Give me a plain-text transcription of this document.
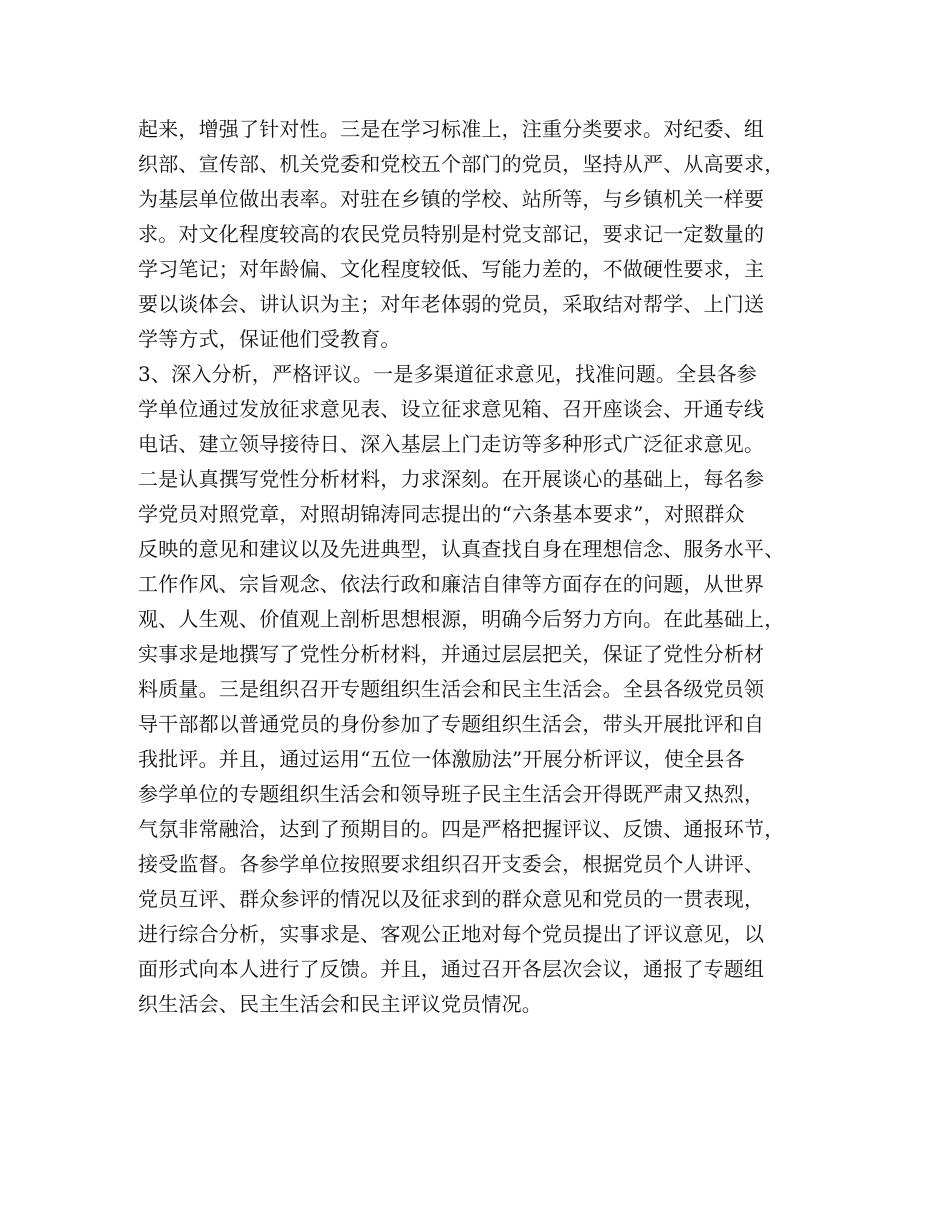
起来，增强了针对性。三是在学习标准上，注重分类要求。对纪委、组
织部、宣传部、机关党委和党校五个部门的党员，坚持从严、从高要求，
为基层单位做出表率。对驻在乡镇的学校、站所等，与乡镇机关一样要
求。对文化程度较高的农民党员特别是村党支部记，要求记一定数量的
学习笔记；对年龄偏、文化程度较低、写能力差的，不做硬性要求，主
要以谈体会、讲认识为主；对年老体弱的党员，采取结对帮学、上门送
学等方式，保证他们受教育。
3、深入分析，严格评议。一是多渠道征求意见，找准问题。全县各参
学单位通过发放征求意见表、设立征求意见箱、召开座谈会、开通专线
电话、建立领导接待日、深入基层上门走访等多种形式广泛征求意见。
二是认真撰写党性分析材料，力求深刻。在开展谈心的基础上，每名参
学党员对照党章，对照胡锦涛同志提出的“六条基本要求”，对照群众
反映的意见和建议以及先进典型，认真查找自身在理想信念、服务水平、
工作作风、宗旨观念、依法行政和廉洁自律等方面存在的问题，从世界
观、人生观、价值观上剖析思想根源，明确今后努力方向。在此基础上，
实事求是地撰写了党性分析材料，并通过层层把关，保证了党性分析材
料质量。三是组织召开专题组织生活会和民主生活会。全县各级党员领
导干部都以普通党员的身份参加了专题组织生活会，带头开展批评和自
我批评。并且，通过运用“五位一体激励法”开展分析评议，使全县各
参学单位的专题组织生活会和领导班子民主生活会开得既严肃又热烈，
气氛非常融洽，达到了预期目的。四是严格把握评议、反馈、通报环节，
接受监督。各参学单位按照要求组织召开支委会，根据党员个人讲评、
党员互评、群众参评的情况以及征求到的群众意见和党员的一贯表现，
进行综合分析，实事求是、客观公正地对每个党员提出了评议意见，以
面形式向本人进行了反馈。并且，通过召开各层次会议，通报了专题组
织生活会、民主生活会和民主评议党员情况。
